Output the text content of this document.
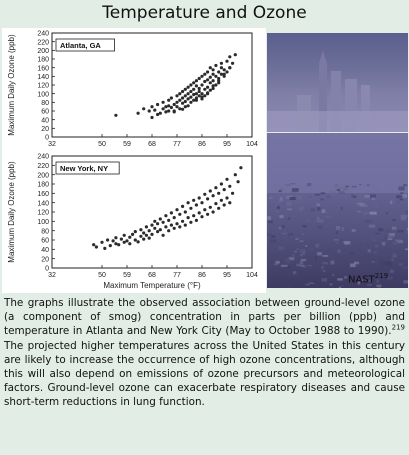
Temperature and Ozone
0
20
40
60
80
100
120
140
160
180
200
220
240
32	50 59 68 77 86 95 104
Maximum Daily Ozone (ppb)	Atlanta, GA
0
20
40
60
80
100
120
140
160
180
200
220
240
32	50 59 68 77 86 95 104
Maximum Daily Ozone (ppb)
Maximum Temperature (°F)
New York, NY
NAST$^{219}$
The graphs illustrate the observed association between ground-level ozone (a component of smog) concentration in parts per billion (ppb) and temperature in Atlanta and New York City (May to October 1988 to 1990).$^{219}$ The projected higher temperatures across the United States in this century are likely to increase the occurrence of high ozone concentrations, although this will also depend on emissions of ozone precursors and meteorological factors. Ground-level ozone can exacerbate respiratory diseases and cause short-term reductions in lung function.
